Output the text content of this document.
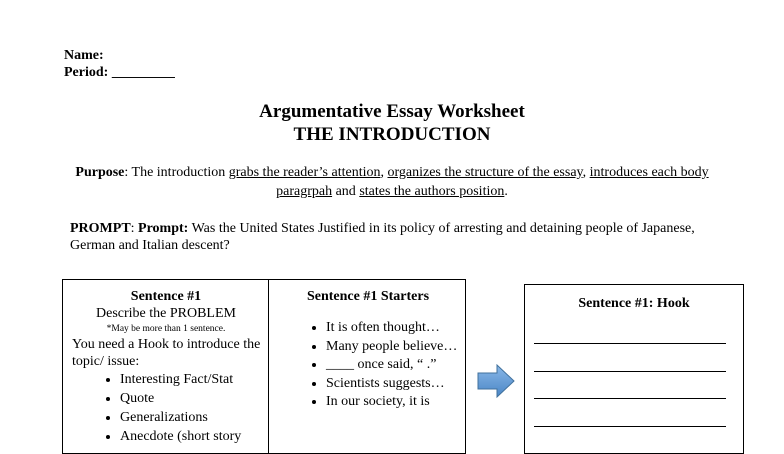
Name:
Period: _________
Argumentative Essay Worksheet
THE INTRODUCTION
Purpose: The introduction grabs the reader’s attention, organizes the structure of the essay, introduces each body paragrpah and states the authors position.
PROMPT: Prompt: Was the United States Justified in its policy of arresting and detaining people of Japanese, German and Italian descent?
Sentence #1
Describe the PROBLEM
*May be more than 1 sentence.
You need a Hook to introduce the topic/ issue:
• Interesting Fact/Stat
• Quote
• Generalizations
• Anecdote (short story
Sentence #1 Starters
• It is often thought…
• Many people believe…
• ____ once said, “ .”
• Scientists suggests…
• In our society, it is
Sentence #1: Hook
